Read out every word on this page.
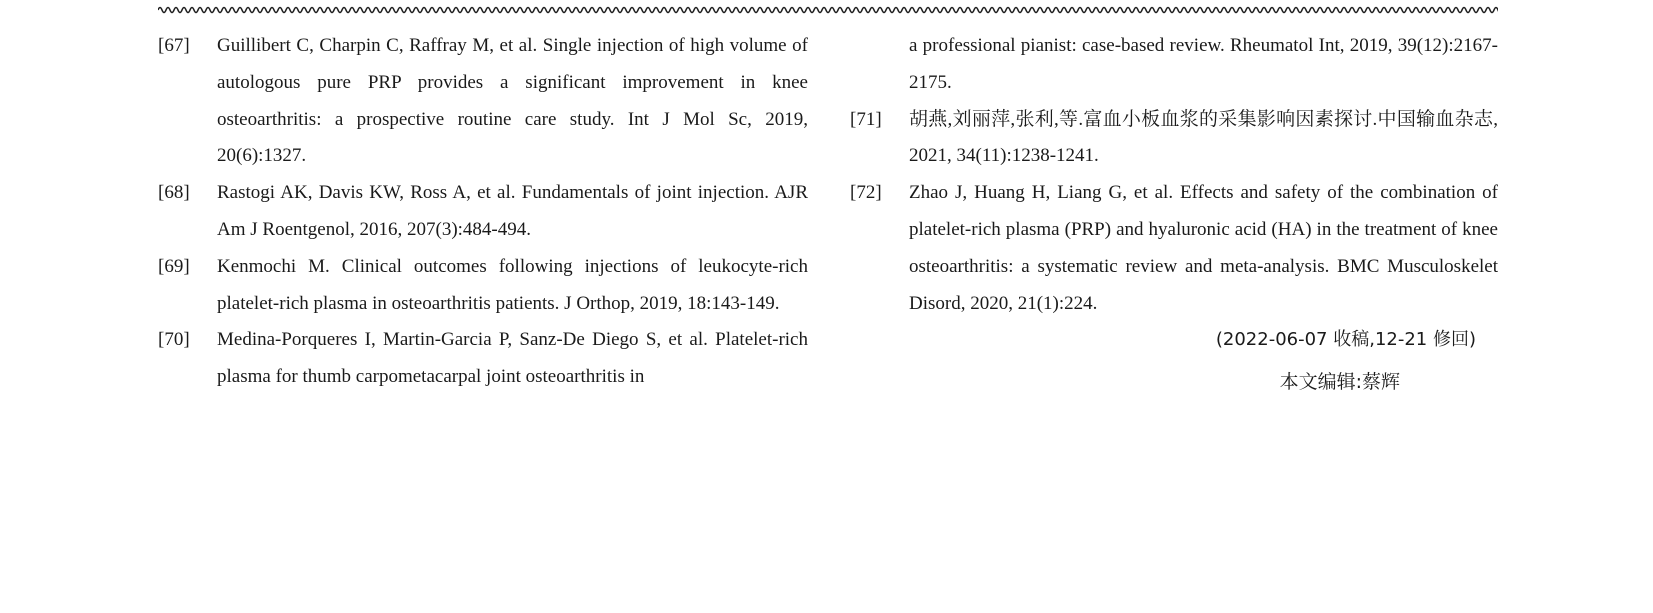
[67] Guillibert C, Charpin C, Raffray M, et al. Single injection of high volume of autologous pure PRP provides a significant improvement in knee osteoarthritis: a prospective routine care study. Int J Mol Sc, 2019, 20(6):1327.
[68] Rastogi AK, Davis KW, Ross A, et al. Fundamentals of joint injection. AJR Am J Roentgenol, 2016, 207(3):484-494.
[69] Kenmochi M. Clinical outcomes following injections of leukocyte-rich platelet-rich plasma in osteoarthritis patients. J Orthop, 2019, 18:143-149.
[70] Medina-Porqueres I, Martin-Garcia P, Sanz-De Diego S, et al. Platelet-rich plasma for thumb carpometacarpal joint osteoarthritis in
a professional pianist: case-based review. Rheumatol Int, 2019, 39(12):2167-2175.
[71] 胡燕,刘丽萍,张利,等.富血小板血浆的采集影响因素探讨.中国输血杂志, 2021, 34(11):1238-1241.
[72] Zhao J, Huang H, Liang G, et al. Effects and safety of the combination of platelet-rich plasma (PRP) and hyaluronic acid (HA) in the treatment of knee osteoarthritis: a systematic review and meta-analysis. BMC Musculoskelet Disord, 2020, 21(1):224.
(2022-06-07 收稿,12-21 修回)
本文编辑:蔡辉
